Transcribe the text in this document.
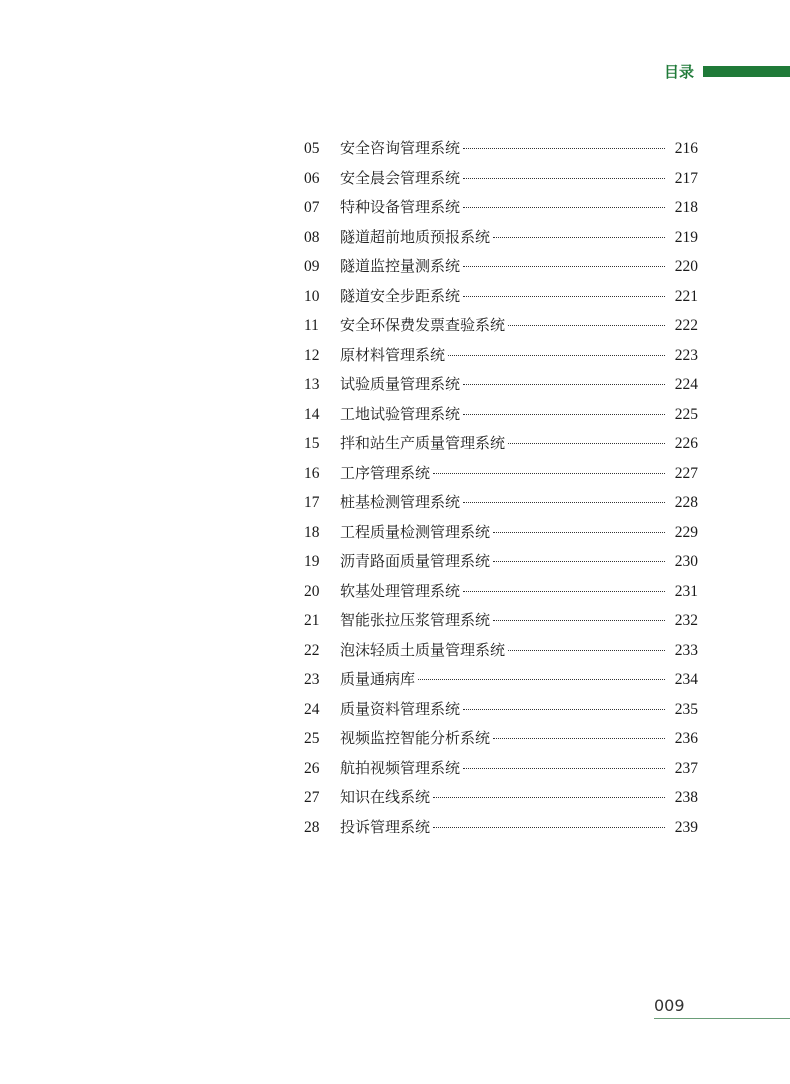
目录
05	安全咨询管理系统	216
06	安全晨会管理系统	217
07	特种设备管理系统	218
08	隧道超前地质预报系统	219
09	隧道监控量测系统	220
10	隧道安全步距系统	221
11	安全环保费发票查验系统	222
12	原材料管理系统	223
13	试验质量管理系统	224
14	工地试验管理系统	225
15	拌和站生产质量管理系统	226
16	工序管理系统	227
17	桩基检测管理系统	228
18	工程质量检测管理系统	229
19	沥青路面质量管理系统	230
20	软基处理管理系统	231
21	智能张拉压浆管理系统	232
22	泡沫轻质土质量管理系统	233
23	质量通病库	234
24	质量资料管理系统	235
25	视频监控智能分析系统	236
26	航拍视频管理系统	237
27	知识在线系统	238
28	投诉管理系统	239
009
